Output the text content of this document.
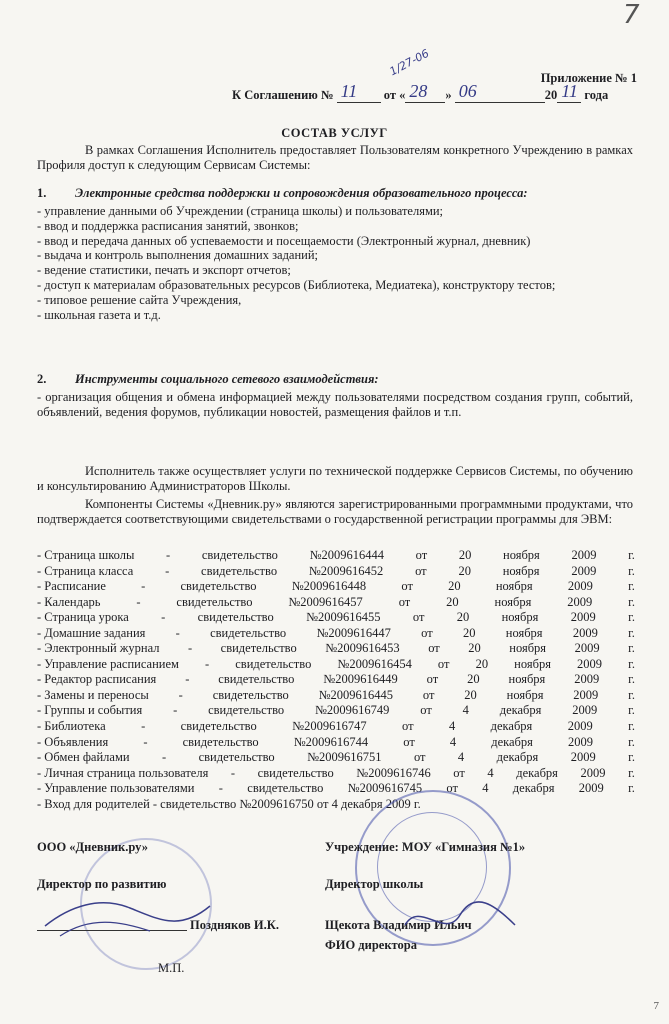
7
Приложение № 1
1/27-06
К Соглашению № 11 от « 28 » 06	20 11 года
СОСТАВ УСЛУГ
В рамках Соглашения Исполнитель предоставляет Пользователям конкретного Учреждению в рамках Профиля доступ к следующим Сервисам Системы:
1. Электронные средства поддержки и сопровождения образовательного процесса:
- управление данными об Учреждении (страница школы) и пользователями;
- ввод и поддержка расписания занятий, звонков;
- ввод и передача данных об успеваемости и посещаемости (Электронный журнал, дневник)
- выдача и контроль выполнения домашних заданий;
- ведение статистики, печать и экспорт отчетов;
- доступ к материалам образовательных ресурсов (Библиотека, Медиатека), конструктору тестов;
- типовое решение сайта Учреждения,
- школьная газета и т.д.
2. Инструменты социального сетевого взаимодействия:
- организация общения и обмена информацией между пользователями посредством создания групп, событий, объявлений, ведения форумов, публикации новостей, размещения файлов и т.п.
Исполнитель также осуществляет услуги по технической поддержке Сервисов Системы, по обучению и консультированию Администраторов Школы.
Компоненты Системы «Дневник.ру» являются зарегистрированными программными продуктами, что подтверждается соответствующими свидетельствами о государственной регистрации программы для ЭВМ:
- Страница школы	-	свидетельство	№2009616444	от	20	ноября	2009	г.
- Страница класса	-	свидетельство	№2009616452	от	20	ноября	2009	г.
- Расписание	-	свидетельство	№2009616448	от	20	ноября	2009	г.
- Календарь	-	свидетельство	№2009616457	от	20	ноября	2009	г.
- Страница урока	-	свидетельство	№2009616455	от	20	ноября	2009	г.
- Домашние задания - свидетельство №2009616447 от 20 ноября 2009 г.
- Электронный журнал - свидетельство №2009616453 от 20 ноября 2009 г.
- Управление расписанием - свидетельство №2009616454 от 20 ноября 2009 г.
- Редактор расписания - свидетельство №2009616449 от 20 ноября 2009 г.
- Замены и переносы - свидетельство №2009616445 от 20 ноября 2009 г.
- Группы и события - свидетельство №2009616749 от 4 декабря 2009 г.
- Библиотека	-	свидетельство	№2009616747	от	4	декабря	2009	г.
- Объявления	-	свидетельство	№2009616744	от	4	декабря	2009	г.
- Обмен файлами	-	свидетельство	№2009616751	от	4	декабря	2009	г.
- Личная страница пользователя - свидетельство №2009616746 от 4 декабря 2009 г.
- Управление пользователями - свидетельство №2009616745 от 4 декабря 2009 г.
- Вход для родителей - свидетельство №2009616750 от 4 декабря 2009 г.
ООО «Дневник.ру»
Директор по развитию
Поздняков И.К.
М.П.
Учреждение: МОУ «Гимназия №1»
Директор школы
Щекота Владимир Ильич
ФИО директора
7
